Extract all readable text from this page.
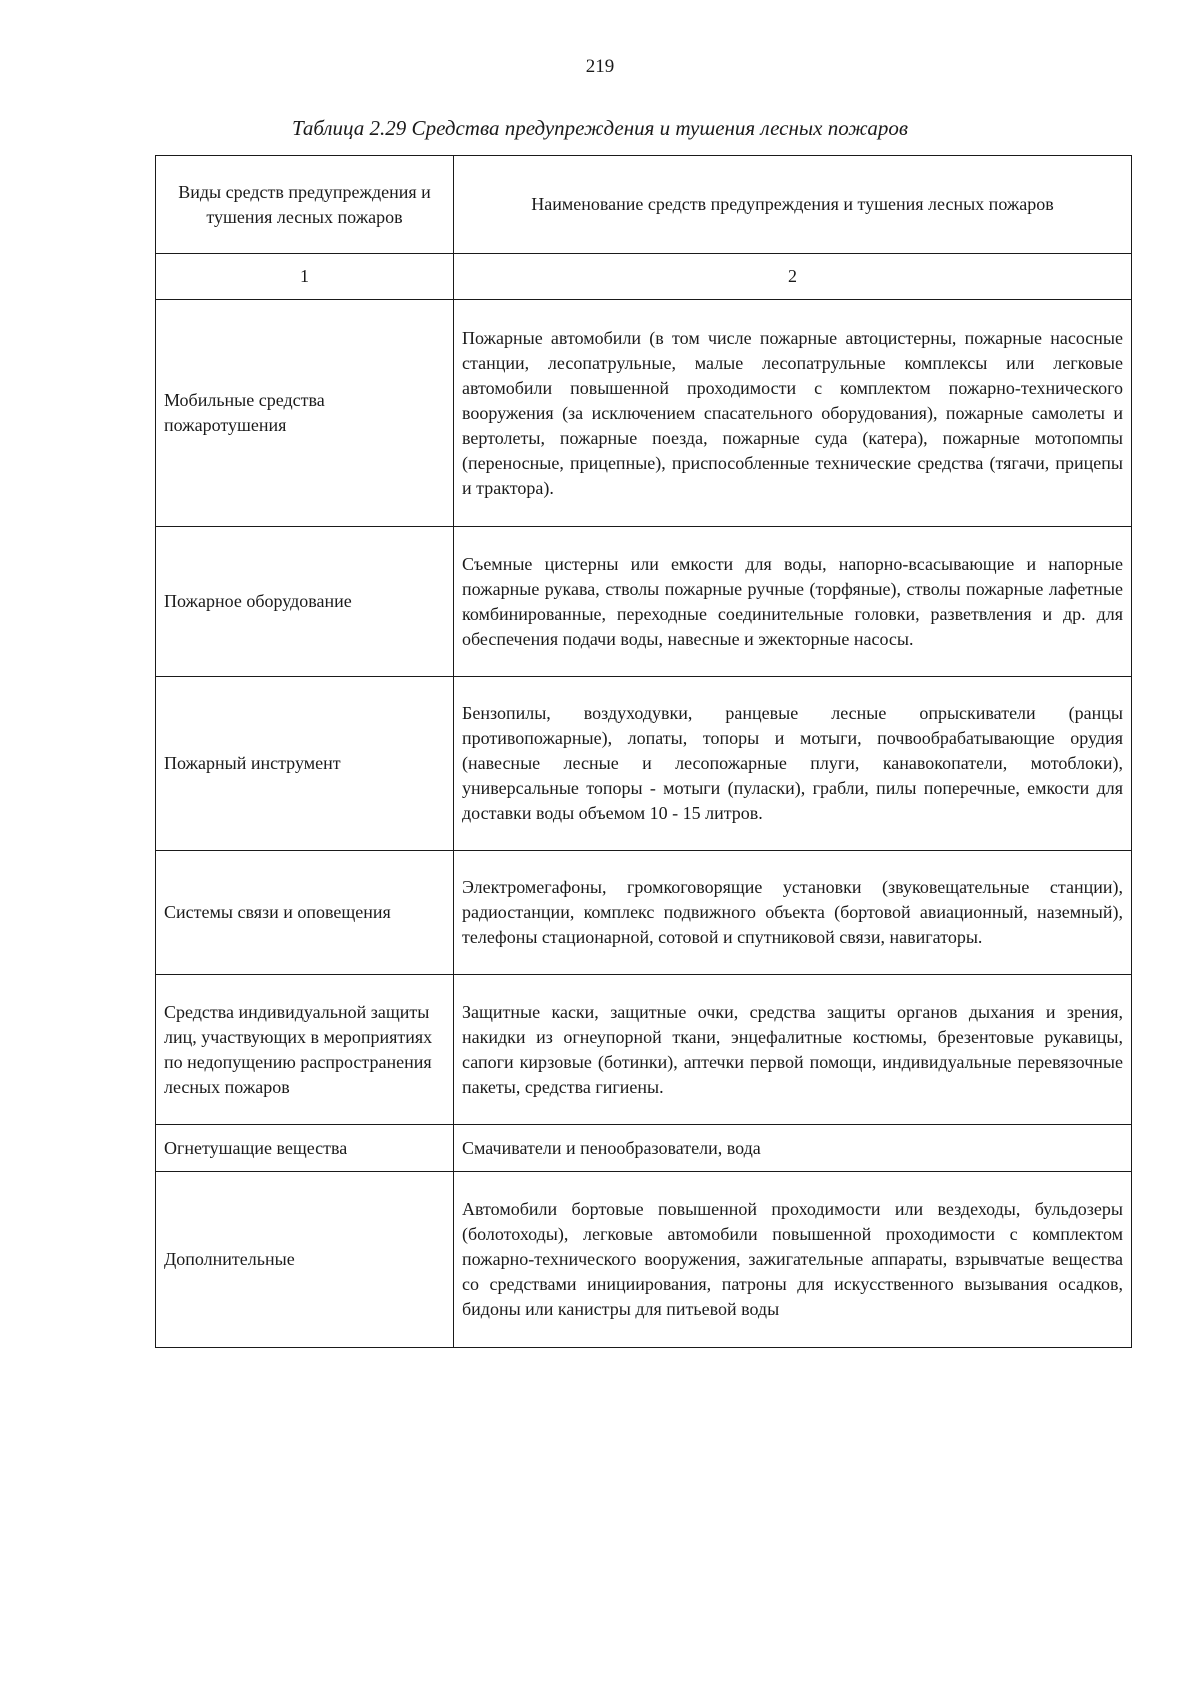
219
Таблица 2.29 Средства предупреждения и тушения лесных пожаров
Виды средств предупреждения и тушения лесных пожаров	Наименование средств предупреждения и тушения лесных пожаров
1	2
Мобильные средства пожаротушения	Пожарные автомобили (в том числе пожарные автоцистерны, пожарные насосные станции, лесопатрульные, малые лесопатрульные комплексы или легковые автомобили повышенной проходимости с комплектом пожарно-технического вооружения (за исключением спасательного оборудования), пожарные самолеты и вертолеты, пожарные поезда, пожарные суда (катера), пожарные мотопомпы (переносные, прицепные), приспособленные технические средства (тягачи, прицепы и трактора).
Пожарное оборудование	Съемные цистерны или емкости для воды, напорно-всасывающие и напорные пожарные рукава, стволы пожарные ручные (торфяные), стволы пожарные лафетные комбинированные, переходные соединительные головки, разветвления и др. для обеспечения подачи воды, навесные и эжекторные насосы.
Пожарный инструмент	Бензопилы, воздуходувки, ранцевые лесные опрыскиватели (ранцы противопожарные), лопаты, топоры и мотыги, почвообрабатывающие орудия (навесные лесные и лесопожарные плуги, канавокопатели, мотоблоки), универсальные топоры - мотыги (пуласки), грабли, пилы поперечные, емкости для доставки воды объемом 10 - 15 литров.
Системы связи и оповещения	Электромегафоны, громкоговорящие установки (звуковещательные станции), радиостанции, комплекс подвижного объекта (бортовой авиационный, наземный), телефоны стационарной, сотовой и спутниковой связи, навигаторы.
Средства индивидуальной защиты лиц, участвующих в мероприятиях по недопущению распространения лесных пожаров	Защитные каски, защитные очки, средства защиты органов дыхания и зрения, накидки из огнеупорной ткани, энцефалитные костюмы, брезентовые рукавицы, сапоги кирзовые (ботинки), аптечки первой помощи, индивидуальные перевязочные пакеты, средства гигиены.
Огнетушащие вещества	Смачиватели и пенообразователи, вода
Дополнительные	Автомобили бортовые повышенной проходимости или вездеходы, бульдозеры (болотоходы), легковые автомобили повышенной проходимости с комплектом пожарно-технического вооружения, зажигательные аппараты, взрывчатые вещества со средствами инициирования, патроны для искусственного вызывания осадков, бидоны или канистры для питьевой воды
